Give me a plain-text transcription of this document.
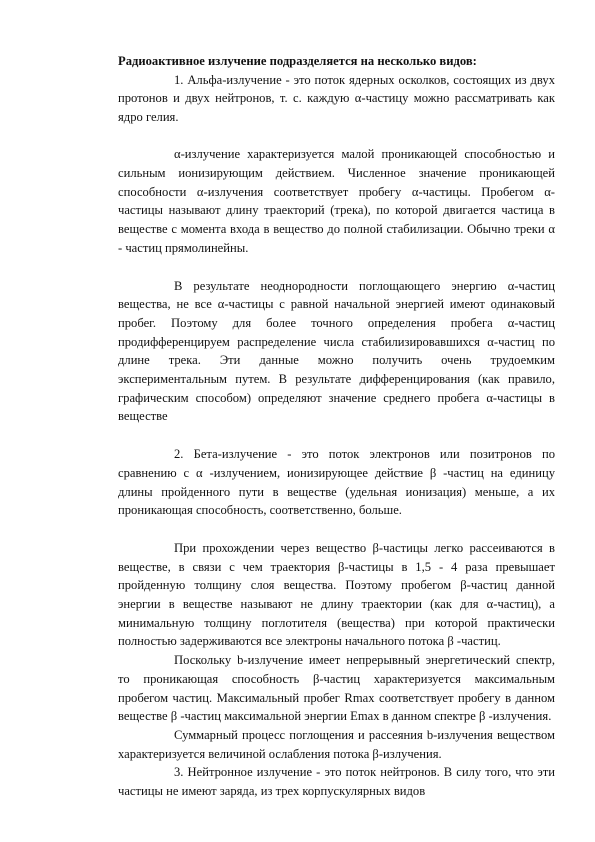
Радиоактивное излучение подразделяется на несколько видов:

1. Альфа-излучение - это поток ядерных осколков, состоящих из двух протонов и двух нейтронов, т. с. каждую α-частицу можно рассматривать как ядро гелия.

α-излучение характеризуется малой проникающей способностью и сильным ионизирующим действием. Численное значение проникающей способности α-излучения соответствует пробегу α-частицы. Пробегом α-частицы называют длину траекторий (трека), по которой двигается частица в веществе с момента входа в вещество до полной стабилизации. Обычно треки α - частиц прямолинейны.

В результате неоднородности поглощающего энергию α-частиц вещества, не все α-частицы с равной начальной энергией имеют одинаковый пробег. Поэтому для более точного определения пробега α-частиц продифференцируем распределение числа стабилизировавшихся α-частиц по длине трека. Эти данные можно получить очень трудоемким экспериментальным путем. В результате дифференцирования (как правило, графическим способом) определяют значение среднего пробега α-частицы в веществе

2. Бета-излучение - это поток электронов или позитронов по сравнению с α -излучением, ионизирующее действие β -частиц на единицу длины пройденного пути в веществе (удельная ионизация) меньше, а их проникающая способность, соответственно, больше.

При прохождении через вещество β-частицы легко рассеиваются в веществе, в связи с чем траектория β-частицы в 1,5 - 4 раза превышает пройденную толщину слоя вещества. Поэтому пробегом β-частиц данной энергии в веществе называют не длину траектории (как для α-частиц), а минимальную толщину поглотителя (вещества) при которой практически полностью задерживаются все электроны начального потока β -частиц.

Поскольку b-излучение имеет непрерывный энергетический спектр, то проникающая способность β-частиц характеризуется максимальным пробегом частиц. Максимальный пробег Rmax соответствует пробегу в данном веществе β -частиц максимальной энергии Emax в данном спектре β -излучения.

Суммарный процесс поглощения и рассеяния b-излучения веществом характеризуется величиной ослабления потока β-излучения.

3. Нейтронное излучение - это поток нейтронов. В силу того, что эти частицы не имеют заряда, из трех корпускулярных видов
